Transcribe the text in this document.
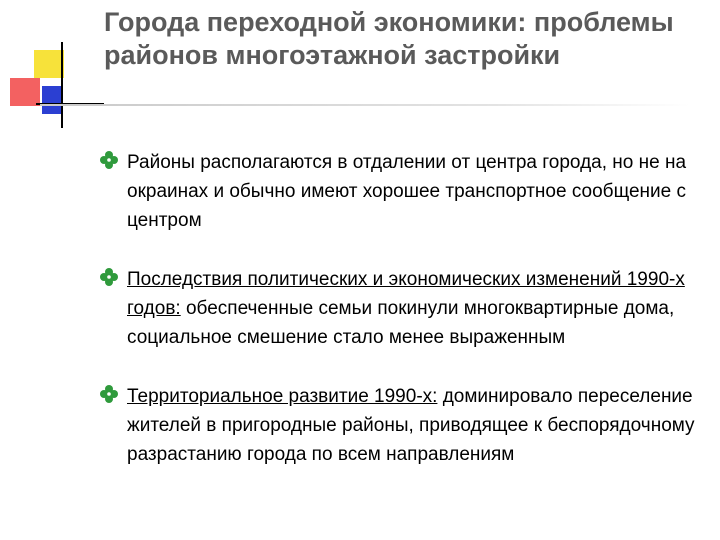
Города переходной экономики: проблемы районов многоэтажной застройки
Районы располагаются в отдалении от центра города, но не на окраинах и обычно имеют хорошее транспортное сообщение с центром
Последствия политических и экономических изменений 1990-х годов: обеспеченные семьи покинули многоквартирные дома, социальное смешение стало менее выраженным
Территориальное развитие 1990-х: доминировало переселение жителей в пригородные районы, приводящее к беспорядочному разрастанию города по всем направлениям
